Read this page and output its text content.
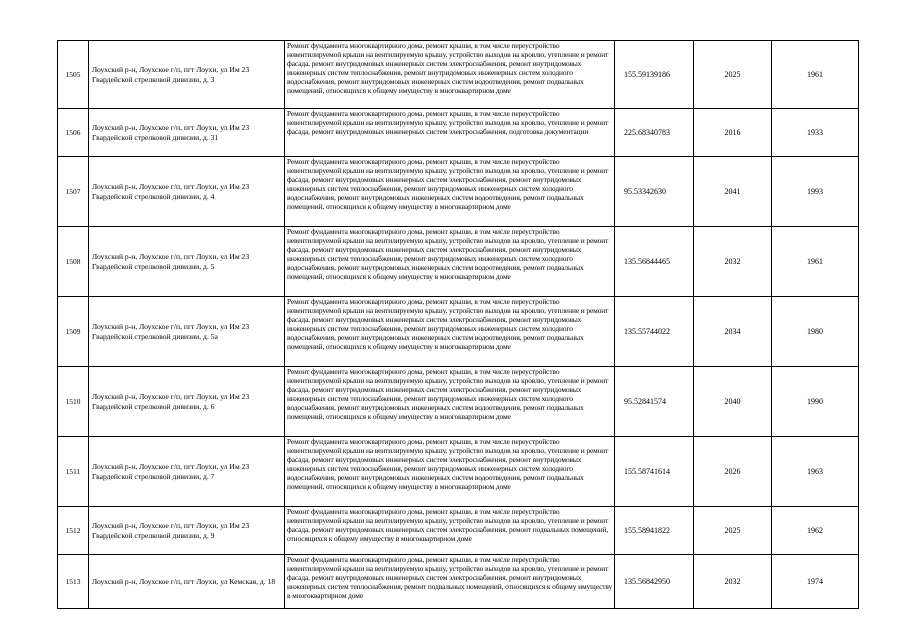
1505	Лоухский р-н, Лоухское г/п, пгт Лоухи, ул Им 23 Гвардейской стрелковой дивизии, д. 3	Ремонт фундамента многоквартирного дома, ремонт крыши, в том числе переустройство невентилируемой крыши на вентилируемую крышу, устройство выходов на кровлю, утепление и ремонт фасада, ремонт внутридомовых инженерных систем электроснабжения, ремонт внутридомовых инженерных систем теплоснабжения, ремонт внутридомовых инженерных систем холодного водоснабжения, ремонт внутридомовых инженерных систем водоотведения, ремонт подвальных помещений, относящихся к общему имуществу в многоквартирном доме	155.59139186	2025	1961
1506	Лоухский р-н, Лоухское г/п, пгт Лоухи, ул Им 23 Гвардейской стрелковой дивизии, д. 31	Ремонт фундамента многоквартирного дома, ремонт крыши, в том числе переустройство невентилируемой крыши на вентилируемую крышу, устройство выходов на кровлю, утепление и ремонт фасада, ремонт внутридомовых инженерных систем электроснабжения, подготовка документации	225.68340783	2016	1933
1507	Лоухский р-н, Лоухское г/п, пгт Лоухи, ул Им 23 Гвардейской стрелковой дивизии, д. 4	Ремонт фундамента многоквартирного дома, ремонт крыши, в том числе переустройство невентилируемой крыши на вентилируемую крышу, устройство выходов на кровлю, утепление и ремонт фасада, ремонт внутридомовых инженерных систем электроснабжения, ремонт внутридомовых инженерных систем теплоснабжения, ремонт внутридомовых инженерных систем холодного водоснабжения, ремонт внутридомовых инженерных систем водоотведения, ремонт подвальных помещений, относящихся к общему имуществу в многоквартирном доме	95.53342630	2041	1993
1508	Лоухский р-н, Лоухское г/п, пгт Лоухи, ул Им 23 Гвардейской стрелковой дивизии, д. 5	Ремонт фундамента многоквартирного дома, ремонт крыши, в том числе переустройство невентилируемой крыши на вентилируемую крышу, устройство выходов на кровлю, утепление и ремонт фасада, ремонт внутридомовых инженерных систем электроснабжения, ремонт внутридомовых инженерных систем теплоснабжения, ремонт внутридомовых инженерных систем холодного водоснабжения, ремонт внутридомовых инженерных систем водоотведения, ремонт подвальных помещений, относящихся к общему имуществу в многоквартирном доме	135.56844465	2032	1961
1509	Лоухский р-н, Лоухское г/п, пгт Лоухи, ул Им 23 Гвардейской стрелковой дивизии, д. 5а	Ремонт фундамента многоквартирного дома, ремонт крыши, в том числе переустройство невентилируемой крыши на вентилируемую крышу, устройство выходов на кровлю, утепление и ремонт фасада, ремонт внутридомовых инженерных систем электроснабжения, ремонт внутридомовых инженерных систем теплоснабжения, ремонт внутридомовых инженерных систем холодного водоснабжения, ремонт внутридомовых инженерных систем водоотведения, ремонт подвальных помещений, относящихся к общему имуществу в многоквартирном доме	135.55744022	2034	1980
1510	Лоухский р-н, Лоухское г/п, пгт Лоухи, ул Им 23 Гвардейской стрелковой дивизии, д. 6	Ремонт фундамента многоквартирного дома, ремонт крыши, в том числе переустройство невентилируемой крыши на вентилируемую крышу, устройство выходов на кровлю, утепление и ремонт фасада, ремонт внутридомовых инженерных систем электроснабжения, ремонт внутридомовых инженерных систем теплоснабжения, ремонт внутридомовых инженерных систем холодного водоснабжения, ремонт внутридомовых инженерных систем водоотведения, ремонт подвальных помещений, относящихся к общему имуществу в многоквартирном доме	95.52841574	2040	1990
1511	Лоухский р-н, Лоухское г/п, пгт Лоухи, ул Им 23 Гвардейской стрелковой дивизии, д. 7	Ремонт фундамента многоквартирного дома, ремонт крыши, в том числе переустройство невентилируемой крыши на вентилируемую крышу, устройство выходов на кровлю, утепление и ремонт фасада, ремонт внутридомовых инженерных систем электроснабжения, ремонт внутридомовых инженерных систем теплоснабжения, ремонт внутридомовых инженерных систем холодного водоснабжения, ремонт внутридомовых инженерных систем водоотведения, ремонт подвальных помещений, относящихся к общему имуществу в многоквартирном доме	155.58741614	2026	1963
1512	Лоухский р-н, Лоухское г/п, пгт Лоухи, ул Им 23 Гвардейской стрелковой дивизии, д. 9	Ремонт фундамента многоквартирного дома, ремонт крыши, в том числе переустройство невентилируемой крыши на вентилируемую крышу, устройство выходов на кровлю, утепление и ремонт фасада, ремонт внутридомовых инженерных систем электроснабжения, ремонт подвальных помещений, относящихся к общему имуществу в многоквартирном доме	155.58941822	2025	1962
1513	Лоухский р-н, Лоухское г/п, пгт Лоухи, ул Кемская, д. 18	Ремонт фундамента многоквартирного дома, ремонт крыши, в том числе переустройство невентилируемой крыши на вентилируемую крышу, устройство выходов на кровлю, утепление и ремонт фасада, ремонт внутридомовых инженерных систем электроснабжения, ремонт внутридомовых инженерных систем теплоснабжения, ремонт подвальных помещений, относящихся к общему имуществу в многоквартирном доме	135.56842950	2032	1974
